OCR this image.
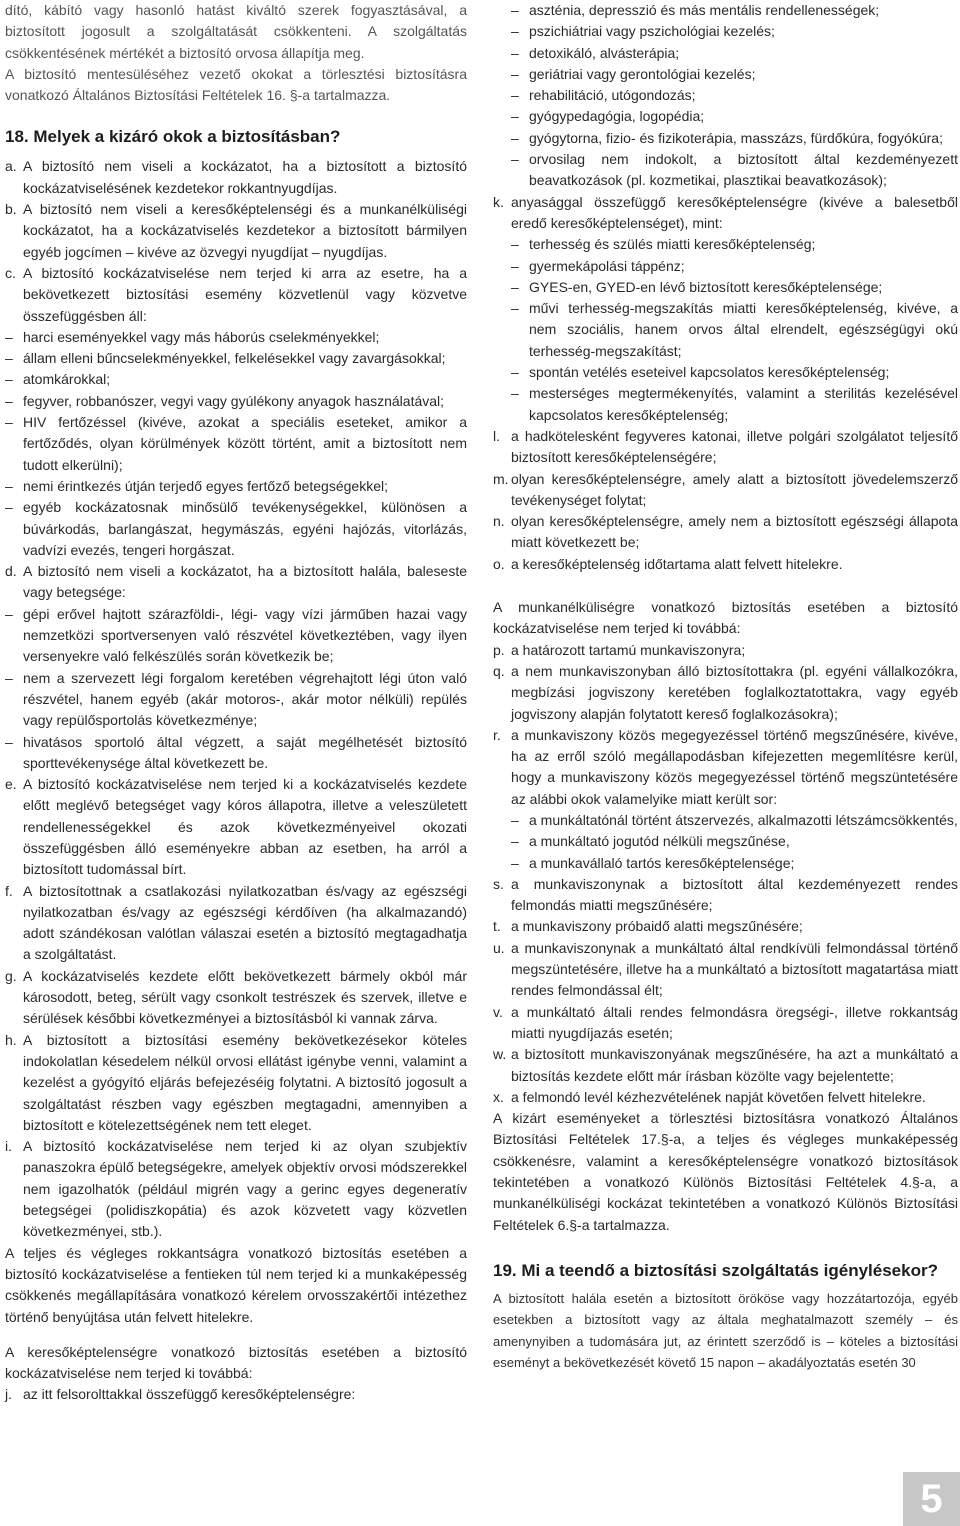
dító, kábító vagy hasonló hatást kiváltó szerek fogyasztásával, a biztosított jogosult a szolgáltatását csökkenteni. A szolgáltatás csökkentésének mértékét a biztosító orvosa állapítja meg.

A biztosító mentesüléséhez vezető okokat a törlesztési biztosításra vonatkozó Általános Biztosítási Feltételek 16. §-a tartalmazza.

18. Melyek a kizáró okok a biztosításban?
a. A biztosító nem viseli a kockázatot, ha a biztosított a biztosító kockázatviselésének kezdetekor rokkantnyugdíjas.
b. A biztosító nem viseli a keresőképtelenségi és a munkanélküliségi kockázatot, ha a kockázatviselés kezdetekor a biztosított bármilyen egyéb jogcímen – kivéve az özvegyi nyugdíjat – nyugdíjas.
c. A biztosító kockázatviselése nem terjed ki arra az esetre, ha a bekövetkezett biztosítási esemény közvetlenül vagy közvetve összefüggésben áll:
– harci eseményekkel vagy más háborús cselekményekkel;
– állam elleni bűncselekményekkel, felkelésekkel vagy zavargásokkal;
– atomkárokkal;
– fegyver, robbanószer, vegyi vagy gyúlékony anyagok használatával;
– HIV fertőzéssel (kivéve, azokat a speciális eseteket, amikor a fertőződés, olyan körülmények között történt, amit a biztosított nem tudott elkerülni);
– nemi érintkezés útján terjedő egyes fertőző betegségekkel;
– egyéb kockázatosnak minősülő tevékenységekkel, különösen a búvárkodás, barlangászat, hegymászás, egyéni hajózás, vitorlázás, vadvízi evezés, tengeri horgászat.
d. A biztosító nem viseli a kockázatot, ha a biztosított halála, baleseste vagy betegsége:
– gépi erővel hajtott szárazföldi-, légi- vagy vízi járműben hazai vagy nemzetközi sportversenyen való részvétel következtében, vagy ilyen versenyekre való felkészülés során következik be;
– nem a szervezett légi forgalom keretében végrehajtott légi úton való részvétel, hanem egyéb (akár motoros-, akár motor nélküli) repülés vagy repülősportolás következménye;
– hivatásos sportoló által végzett, a saját megélhetését biztosító sporttevékenysége által következett be.
e. A biztosító kockázatviselése nem terjed ki a kockázatviselés kezdete előtt meglévő betegséget vagy kóros állapotra, illetve a veleszületett rendellenességekkel és azok következményeivel okozati összefüggésben álló eseményekre abban az esetben, ha arról a biztosított tudomással bírt.
f. A biztosítottnak a csatlakozási nyilatkozatban és/vagy az egészségi nyilatkozatban és/vagy az egészségi kérdőíven (ha alkalmazandó) adott szándékosan valótlan válaszai esetén a biztosító megtagadhatja a szolgáltatást.
g. A kockázatviselés kezdete előtt bekövetkezett bármely okból már károsodott, beteg, sérült vagy csonkolt testrészek és szervek, illetve e sérülések későbbi következményei a biztosításból ki vannak zárva.
h. A biztosított a biztosítási esemény bekövetkezésekor köteles indokolatlan késedelem nélkül orvosi ellátást igénybe venni, valamint a kezelést a gyógyító eljárás befejezéséig folytatni. A biztosító jogosult a szolgáltatást részben vagy egészben megtagadni, amennyiben a biztosított e kötelezettségének nem tett eleget.
i. A biztosító kockázatviselése nem terjed ki az olyan szubjektív panaszokra épülő betegségekre, amelyek objektív orvosi módszerekkel nem igazolhatók (például migrén vagy a gerinc egyes degeneratív betegségei (polidiszkopátia) és azok közvetett vagy közvetlen következményei, stb.).

A teljes és végleges rokkantságra vonatkozó biztosítás esetében a biztosító kockázatviselése a fentieken túl nem terjed ki a munkaképesség csökkenés megállapítására vonatkozó kérelem orvosszakértői intézethez történő benyújtása után felvett hitelekre.

A keresőképtelenségre vonatkozó biztosítás esetében a biztosító kockázatviselése nem terjed ki továbbá:

j. az itt felsorolttakkal összefüggő keresőképtelenségre:
– aszténia, depresszió és más mentális rendellenességek;
– pszichiátriai vagy pszichológiai kezelés;
– detoxikáló, alvásterápia;
– geriátriai vagy gerontológiai kezelés;
– rehabilitáció, utógondozás;
– gyógypedagógia, logopédia;
– gyógytorna, fizio- és fizikoterápia, masszázs, fürdőkúra, fogyókúra;
– orvosilag nem indokolt, a biztosított által kezdeményezett beavatkozások (pl. kozmetikai, plasztikai beavatkozások);
k. anyasággal összefüggő keresőképtelenségre (kivéve a balesetből eredő keresőképtelenséget), mint:
– terhesség és szülés miatti keresőképtelenség;
– gyermekápolási táppénz;
– GYES-en, GYED-en lévő biztosított keresőképtelensége;
– művi terhesség-megszakítás miatti keresőképtelenség, kivéve, a nem szociális, hanem orvos által elrendelt, egészségügyi okú terhesség-megszakítást;
– spontán vetélés eseteivel kapcsolatos keresőképtelenség;
– mesterséges megtermékenyítés, valamint a sterilitás kezelésével kapcsolatos keresőképtelenség;
l. a hadkötelesként fegyveres katonai, illetve polgári szolgálatot teljesítő biztosított keresőképtelenségére;
m. olyan keresőképtelenségre, amely alatt a biztosított jövedelemszerző tevékenységet folytat;
n. olyan keresőképtelenségre, amely nem a biztosított egészségi állapota miatt következett be;
o. a keresőképtelenség időtartama alatt felvett hitelekre.

A munkanélküliségre vonatkozó biztosítás esetében a biztosító kockázatviselése nem terjed ki továbbá:

p. a határozott tartamú munkaviszonyra;
q. a nem munkaviszonyban álló biztosítottakra (pl. egyéni vállalkozókra, megbízási jogviszony keretében foglalkoztatottakra, vagy egyéb jogviszony alapján folytatott kereső foglalkozásokra);
r. a munkaviszony közös megegyezéssel történő megszűnésére, kivéve, ha az erről szóló megállapodásban kifejezetten megemlítésre kerül, hogy a munkaviszony közös megegyezéssel történő megszüntetésére az alábbi okok valamelyike miatt került sor:
– a munkáltatónál történt átszervezés, alkalmazotti létszámcsökkentés,
– a munkáltató jogutód nélküli megszűnése,
– a munkavállaló tartós keresőképtelensége;
s. a munkaviszonynak a biztosított által kezdeményezett rendes felmondás miatti megszűnésére;
t. a munkaviszony próbaidő alatti megszűnésére;
u. a munkaviszonynak a munkáltató által rendkívüli felmondással történő megszüntetésére, illetve ha a munkáltató a biztosított magatartása miatt rendes felmondással élt;
v. a munkáltató általi rendes felmondásra öregségi-, illetve rokkantság miatti nyugdíjazás esetén;
w. a biztosított munkaviszonyának megszűnésére, ha azt a munkáltató a biztosítás kezdete előtt már írásban közölte vagy bejelentette;
x. a felmondó levél kézhezvételének napját követően felvett hitelekre.

A kizárt eseményeket a törlesztési biztosításra vonatkozó Általános Biztosítási Feltételek 17.§-a, a teljes és végleges munkaképesség csökkenésre, valamint a keresőképtelenségre vonatkozó biztosítások tekintetében a vonatkozó Különös Biztosítási Feltételek 4.§-a, a munkanélküliségi kockázat tekintetében a vonatkozó Különös Biztosítási Feltételek 6.§-a tartalmazza.

19. Mi a teendő a biztosítási szolgáltatás igénylésekor?

A biztosított halála esetén a biztosított örököse vagy hozzátartozója, egyéb esetekben a biztosított vagy az általa meghatalmazott személy – és amenynyiben a tudomására jut, az érintett szerződő is – köteles a biztosítási eseményt a bekövetkezését követő 15 napon – akadályoztatás esetén 30

5
